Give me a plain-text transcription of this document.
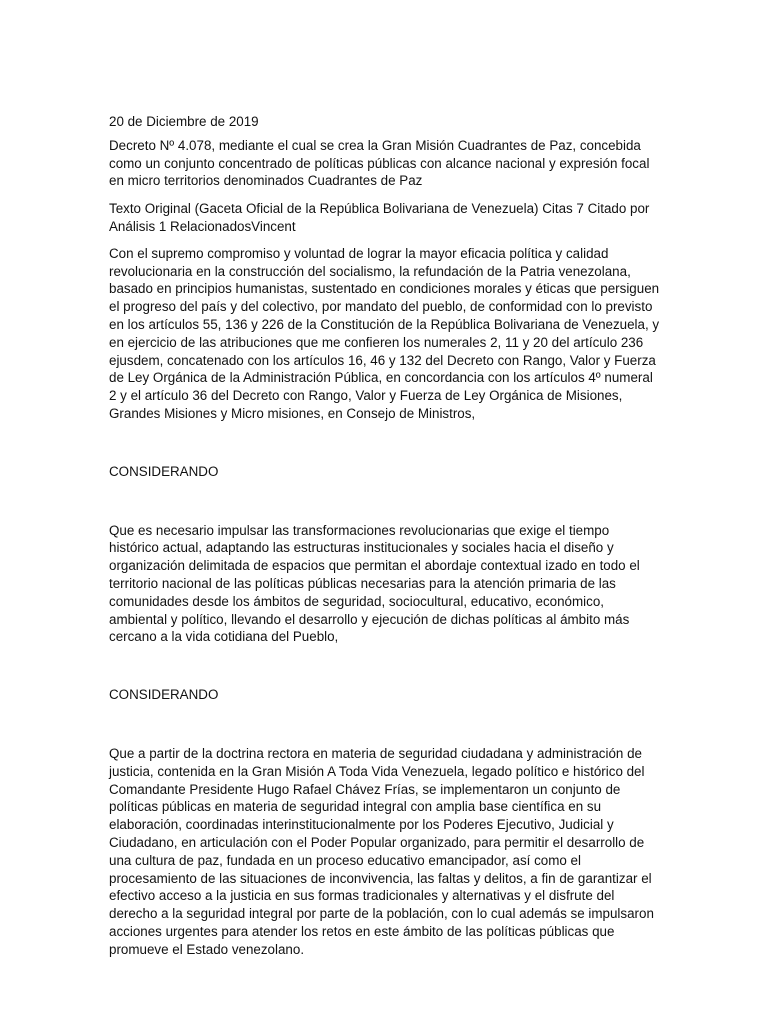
20 de Diciembre de 2019

Decreto Nº 4.078, mediante el cual se crea la Gran Misión Cuadrantes de Paz, concebida como un conjunto concentrado de políticas públicas con alcance nacional y expresión focal en micro territorios denominados Cuadrantes de Paz

Texto Original (Gaceta Oficial de la República Bolivariana de Venezuela) Citas 7 Citado por Análisis 1 RelacionadosVincent

Con el supremo compromiso y voluntad de lograr la mayor eficacia política y calidad revolucionaria en la construcción del socialismo, la refundación de la Patria venezolana, basado en principios humanistas, sustentado en condiciones morales y éticas que persiguen el progreso del país y del colectivo, por mandato del pueblo, de conformidad con lo previsto en los artículos 55, 136 y 226 de la Constitución de la República Bolivariana de Venezuela, y en ejercicio de las atribuciones que me confieren los numerales 2, 11 y 20 del artículo 236 ejusdem, concatenado con los artículos 16, 46 y 132 del Decreto con Rango, Valor y Fuerza de Ley Orgánica de la Administración Pública, en concordancia con los artículos 4º numeral 2 y el artículo 36 del Decreto con Rango, Valor y Fuerza de Ley Orgánica de Misiones, Grandes Misiones y Micro misiones, en Consejo de Ministros,

CONSIDERANDO

Que es necesario impulsar las transformaciones revolucionarias que exige el tiempo histórico actual, adaptando las estructuras institucionales y sociales hacia el diseño y organización delimitada de espacios que permitan el abordaje contextual izado en todo el territorio nacional de las políticas públicas necesarias para la atención primaria de las comunidades desde los ámbitos de seguridad, sociocultural, educativo, económico, ambiental y político, llevando el desarrollo y ejecución de dichas políticas al ámbito más cercano a la vida cotidiana del Pueblo,

CONSIDERANDO

Que a partir de la doctrina rectora en materia de seguridad ciudadana y administración de justicia, contenida en la Gran Misión A Toda Vida Venezuela, legado político e histórico del Comandante Presidente Hugo Rafael Chávez Frías, se implementaron un conjunto de políticas públicas en materia de seguridad integral con amplia base científica en su elaboración, coordinadas interinstitucionalmente por los Poderes Ejecutivo, Judicial y Ciudadano, en articulación con el Poder Popular organizado, para permitir el desarrollo de una cultura de paz, fundada en un proceso educativo emancipador, así como el procesamiento de las situaciones de inconvivencia, las faltas y delitos, a fin de garantizar el efectivo acceso a la justicia en sus formas tradicionales y alternativas y el disfrute del derecho a la seguridad integral por parte de la población, con lo cual además se impulsaron acciones urgentes para atender los retos en este ámbito de las políticas públicas que promueve el Estado venezolano.
